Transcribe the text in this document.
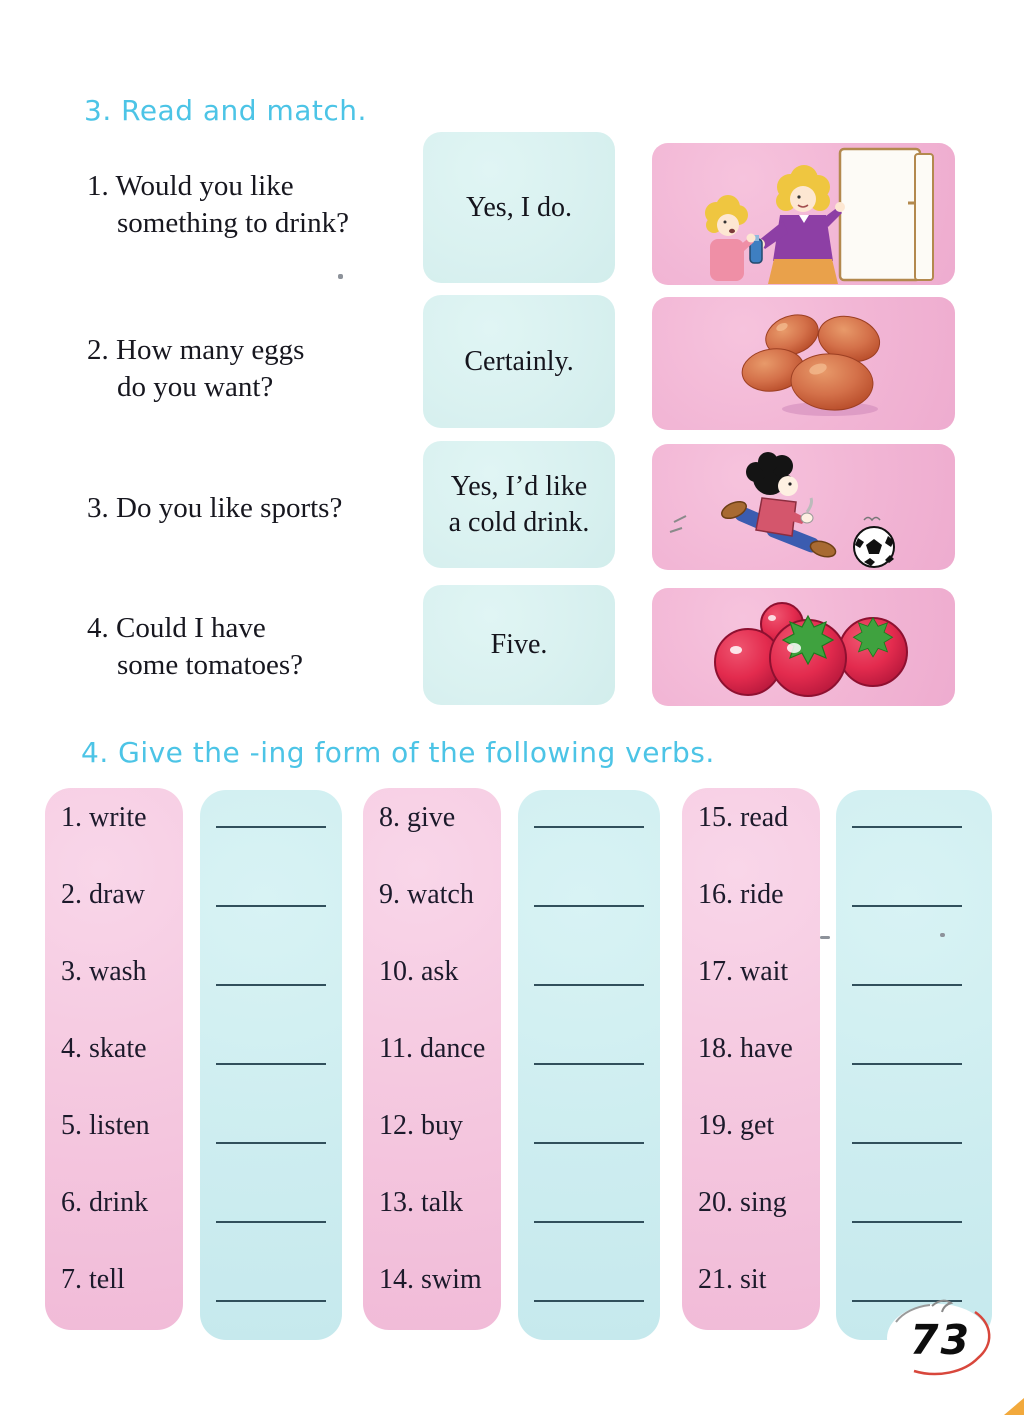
3. Read and match.
1. Would you like
something to drink?
2. How many eggs
do you want?
3. Do you like sports?
4. Could I have
some tomatoes?
Yes, I do.
Certainly.
Yes, I’d like
a cold drink.
Five.
4. Give the -ing form of the following verbs.
1. write
2. draw
3. wash
4. skate
5. listen
6. drink
7. tell
8. give
9. watch
10. ask
11. dance
12. buy
13. talk
14. swim
15. read
16. ride
17. wait
18. have
19. get
20. sing
21. sit
73
